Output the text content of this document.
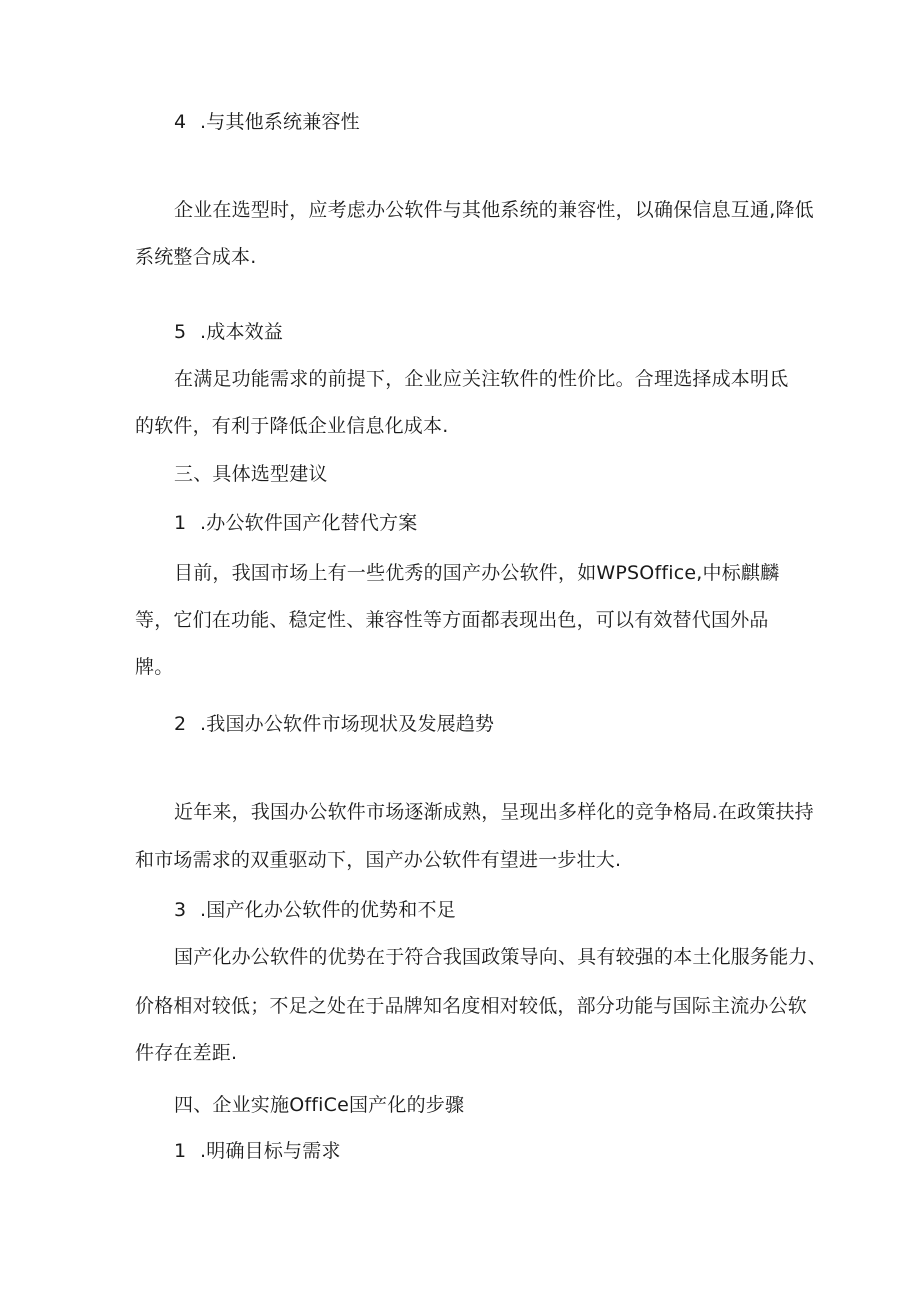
4 .与其他系统兼容性
企业在选型时，应考虑办公软件与其他系统的兼容性，以确保信息互通,降低
系统整合成本.
5 .成本效益
在满足功能需求的前提下，企业应关注软件的性价比。合理选择成本明氐
的软件，有利于降低企业信息化成本.
三、具体选型建议
1 .办公软件国产化替代方案
目前，我国市场上有一些优秀的国产办公软件，如WPSOffice,中标麒麟
等，它们在功能、稳定性、兼容性等方面都表现出色，可以有效替代国外品
牌。
2 .我国办公软件市场现状及发展趋势
近年来，我国办公软件市场逐渐成熟，呈现出多样化的竞争格局.在政策扶持
和市场需求的双重驱动下，国产办公软件有望进一步壮大.
3 .国产化办公软件的优势和不足
国产化办公软件的优势在于符合我国政策导向、具有较强的本土化服务能力、
价格相对较低；不足之处在于品牌知名度相对较低，部分功能与国际主流办公软
件存在差距.
四、企业实施OffiCe国产化的步骤
1 .明确目标与需求
